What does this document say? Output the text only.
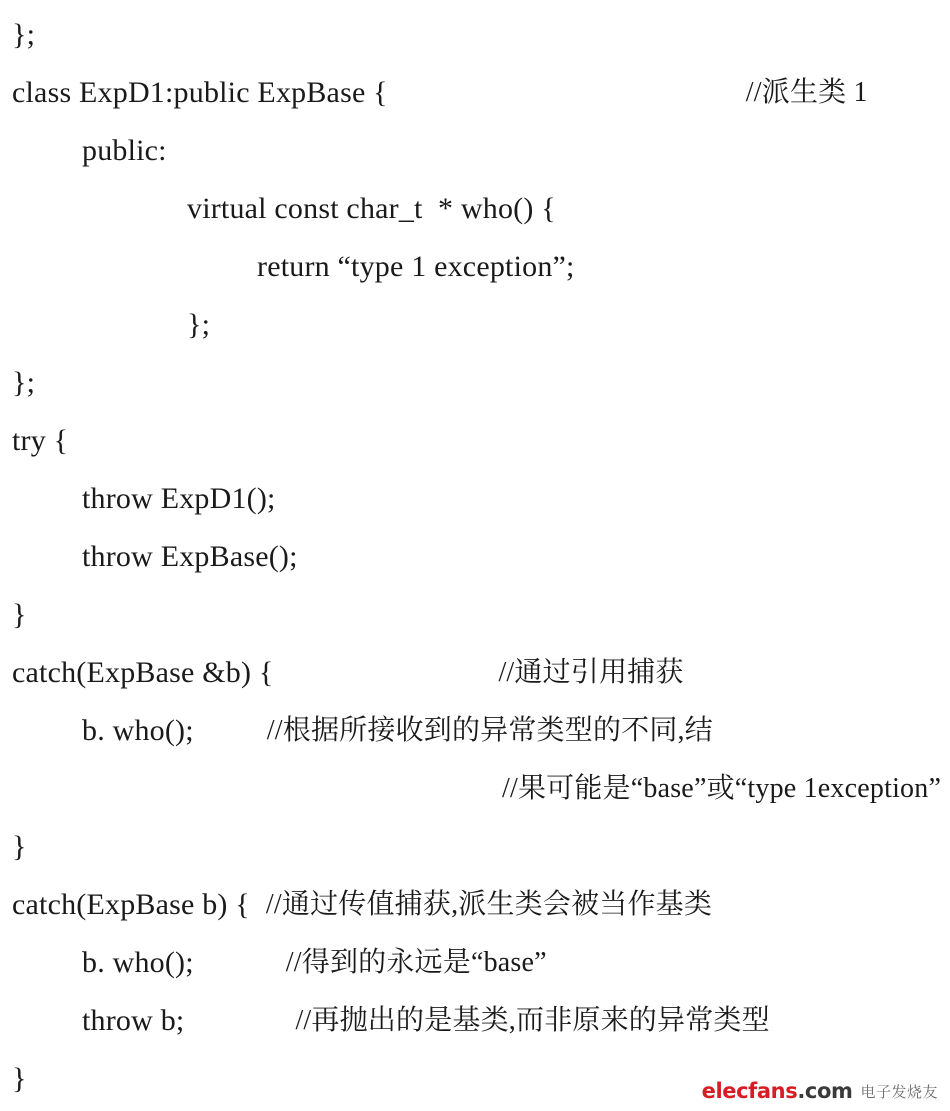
};
class ExpD1:public ExpBase {	//派生类 1
public:
virtual const char_t  * who() {
return “type 1 exception”;
};
};
try {
throw ExpD1();
throw ExpBase();
}
catch(ExpBase &b) {	//通过引用捕获
b. who();	//根据所接收到的异常类型的不同,结
//果可能是“base”或“type 1exception”
}
catch(ExpBase b) { //通过传值捕获,派生类会被当作基类
b. who();	//得到的永远是“base”
throw b;	//再抛出的是基类,而非原来的异常类型
}	elecfans.com 电子发烧友
